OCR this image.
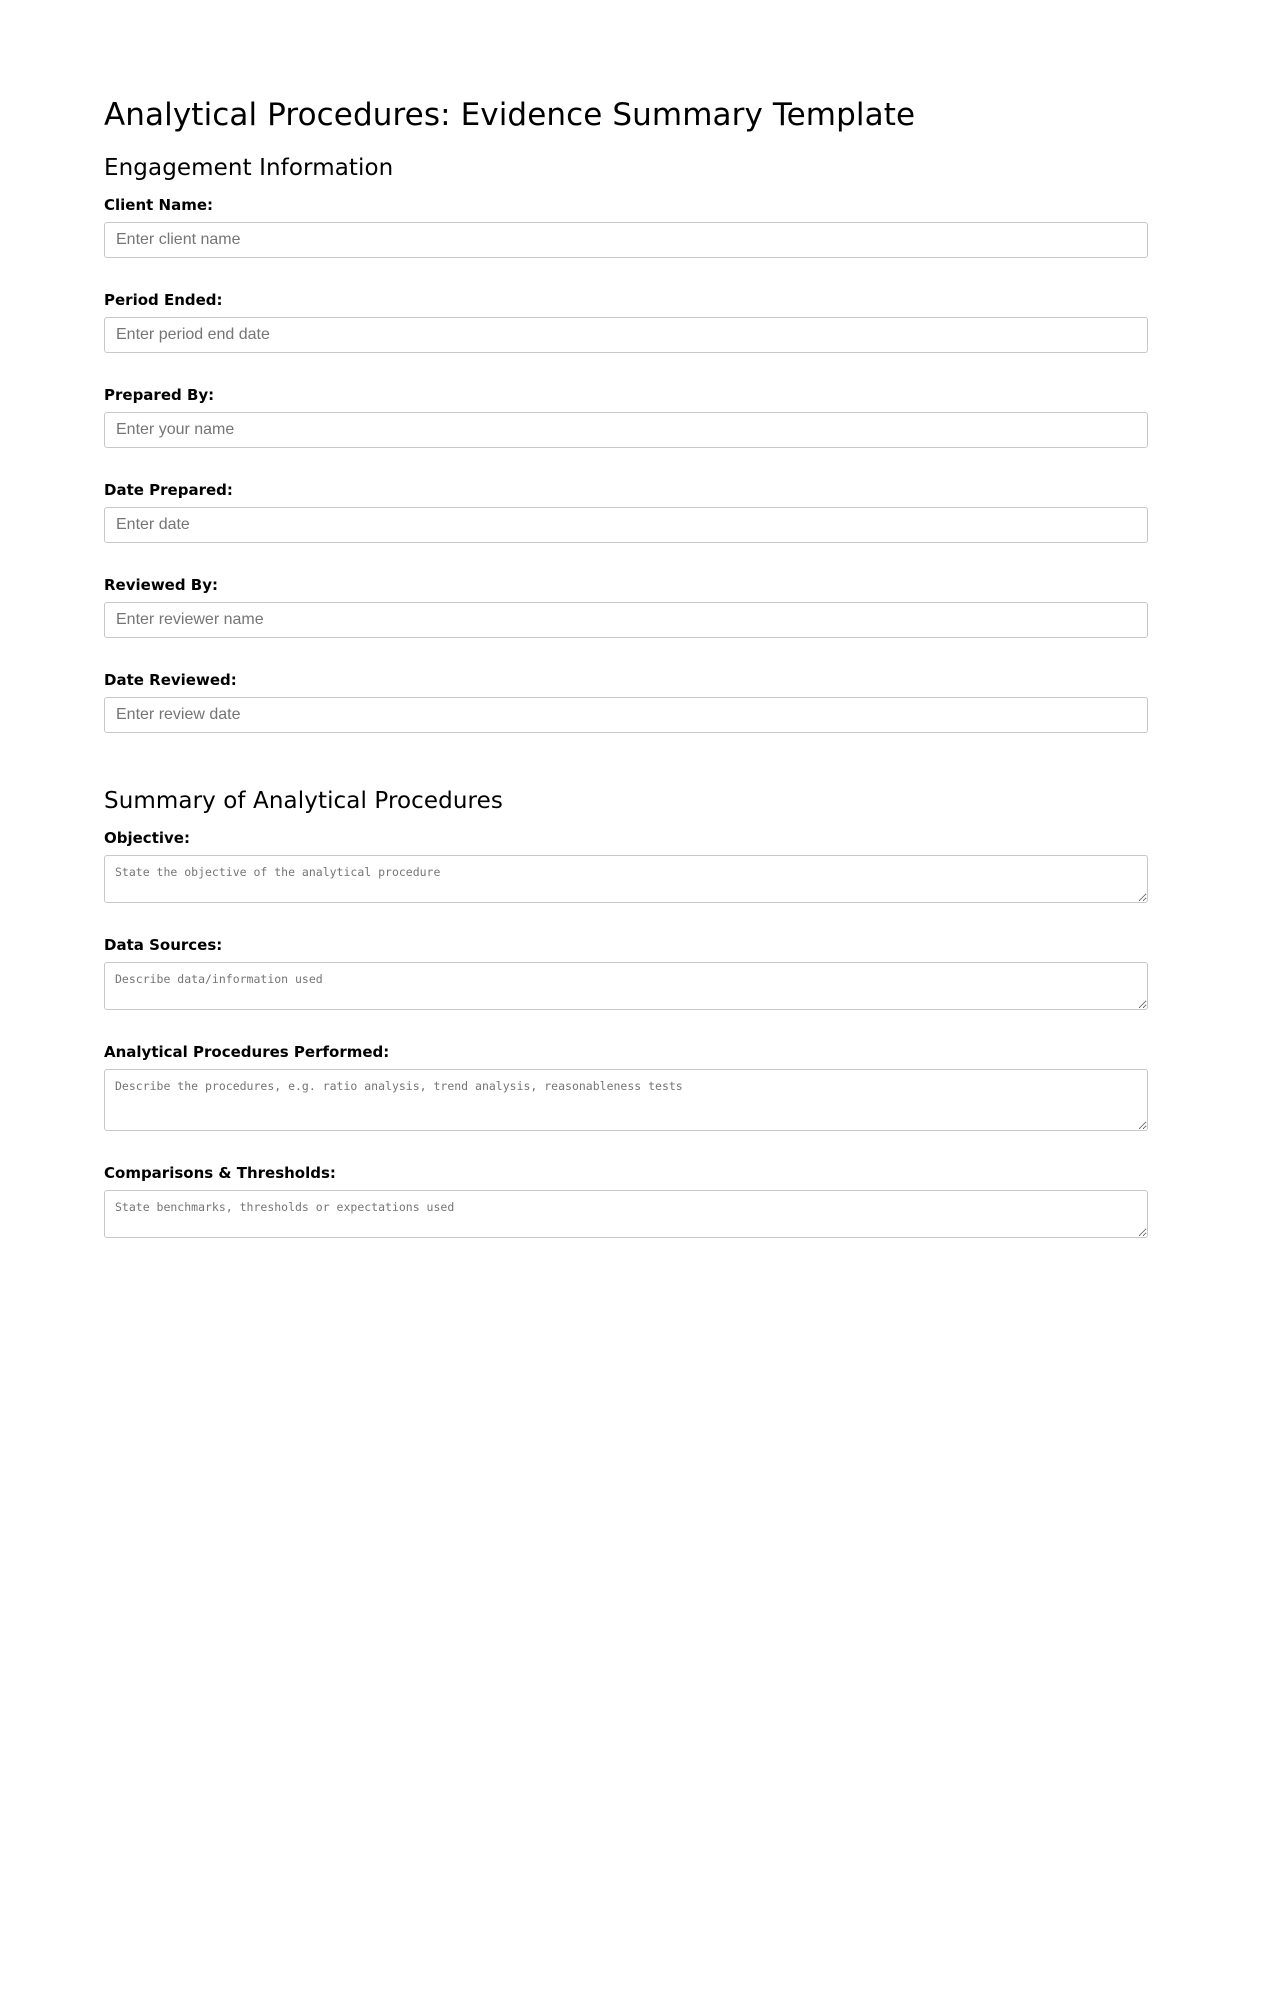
Analytical Procedures: Evidence Summary Template
Engagement Information
Client Name:
Enter client name
Period Ended:
Enter period end date
Prepared By:
Enter your name
Date Prepared:
Enter date
Reviewed By:
Enter reviewer name
Date Reviewed:
Enter review date
Summary of Analytical Procedures
Objective:
State the objective of the analytical procedure
Data Sources:
Describe data/information used
Analytical Procedures Performed:
Describe the procedures, e.g. ratio analysis, trend analysis, reasonableness tests
Comparisons & Thresholds:
State benchmarks, thresholds or expectations used
